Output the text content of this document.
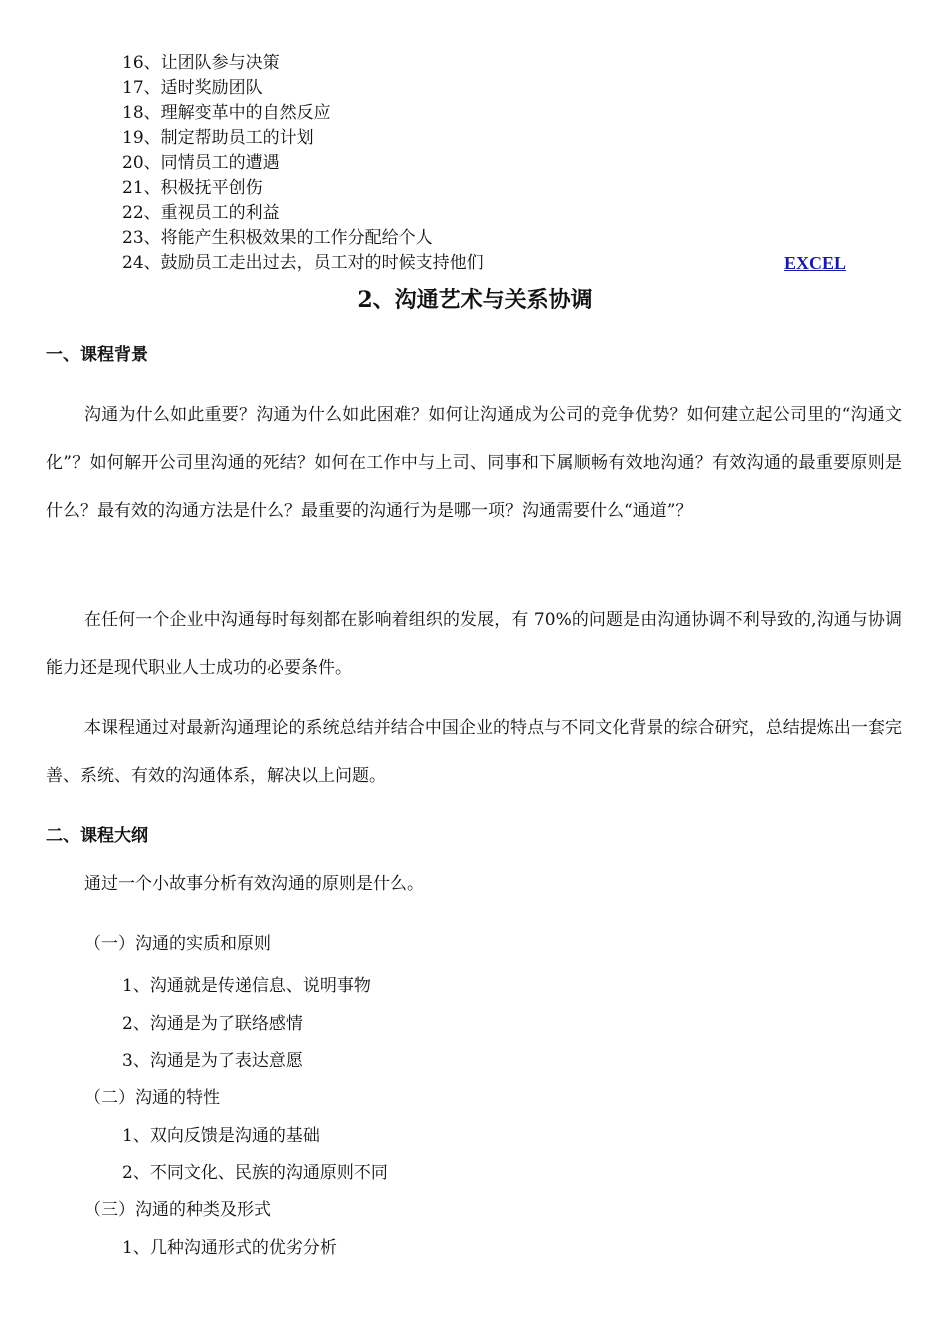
16、让团队参与决策
17、适时奖励团队
18、理解变革中的自然反应
19、制定帮助员工的计划
20、同情员工的遭遇
21、积极抚平创伤
22、重视员工的利益
23、将能产生积极效果的工作分配给个人
24、鼓励员工走出过去，员工对的时候支持他们	EXCEL
2、沟通艺术与关系协调
一、课程背景
沟通为什么如此重要？沟通为什么如此困难？如何让沟通成为公司的竞争优势？如何建立起公司里的“沟通文化”？如何解开公司里沟通的死结？如何在工作中与上司、同事和下属顺畅有效地沟通？有效沟通的最重要原则是什么？最有效的沟通方法是什么？最重要的沟通行为是哪一项？沟通需要什么“通道”？
在任何一个企业中沟通每时每刻都在影响着组织的发展，有 70%的问题是由沟通协调不利导致的,沟通与协调能力还是现代职业人士成功的必要条件。
本课程通过对最新沟通理论的系统总结并结合中国企业的特点与不同文化背景的综合研究，总结提炼出一套完善、系统、有效的沟通体系，解决以上问题。
二、课程大纲
通过一个小故事分析有效沟通的原则是什么。
（一）沟通的实质和原则
1、沟通就是传递信息、说明事物
2、沟通是为了联络感情
3、沟通是为了表达意愿
（二）沟通的特性
1、双向反馈是沟通的基础
2、不同文化、民族的沟通原则不同
（三）沟通的种类及形式
1、几种沟通形式的优劣分析
